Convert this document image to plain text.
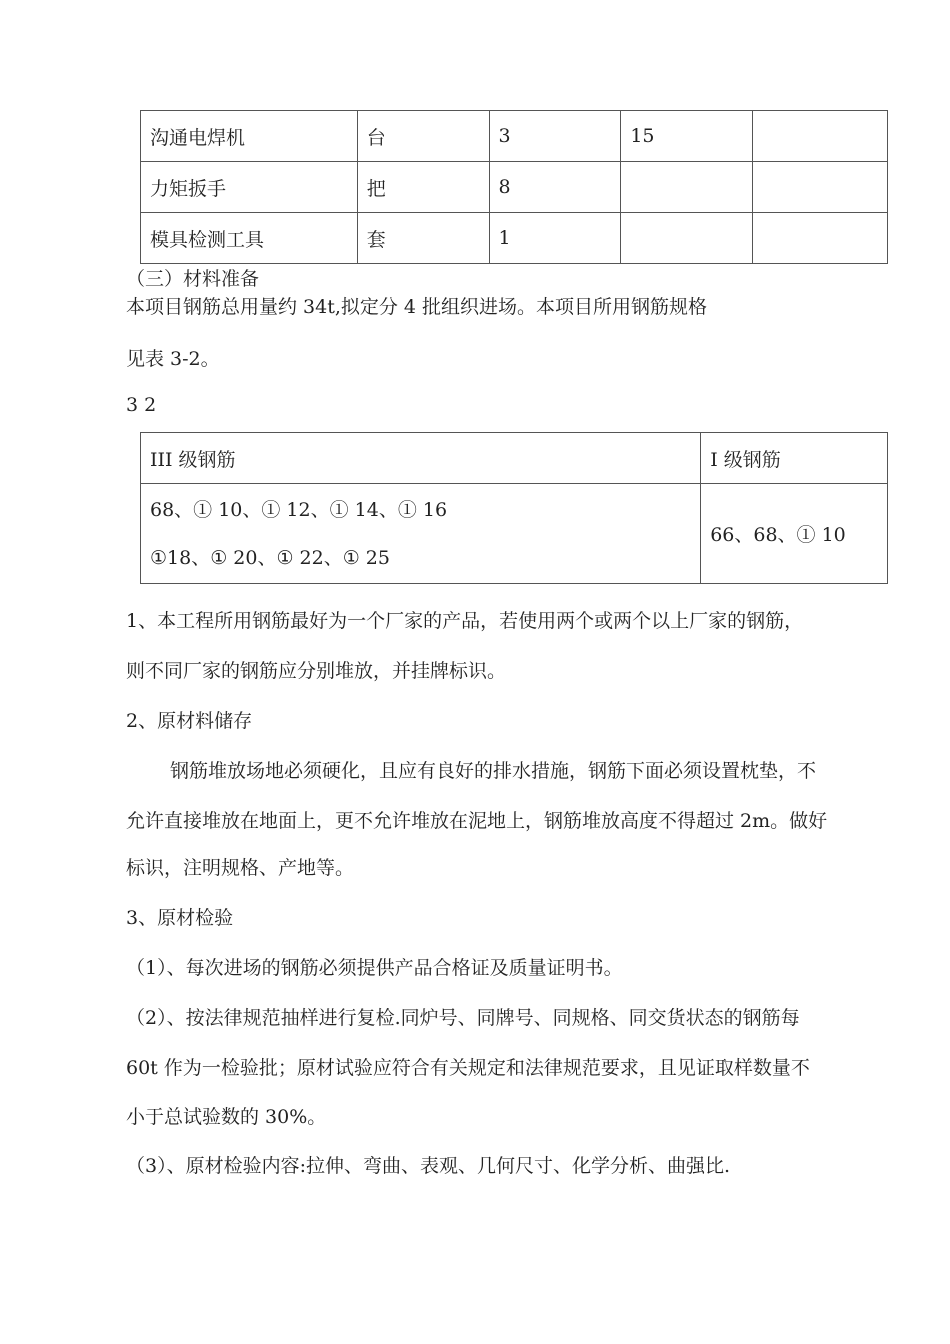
沟通电焊机	台	3	15	
力矩扳手	把	8		
模具检测工具	套	1		

（三）材料准备

本项目钢筋总用量约 34t,拟定分 4 批组织进场。本项目所用钢筋规格

见表 3-2。

3 2

III 级钢筋	I 级钢筋

68、① 10、① 12、① 14、① 16
①18、① 20、① 22、① 25	66、68、① 10

1、本工程所用钢筋最好为一个厂家的产品，若使用两个或两个以上厂家的钢筋，

则不同厂家的钢筋应分别堆放，并挂牌标识。

2、原材料储存

钢筋堆放场地必须硬化，且应有良好的排水措施，钢筋下面必须设置枕垫，不

允许直接堆放在地面上，更不允许堆放在泥地上，钢筋堆放高度不得超过 2m。做好

标识，注明规格、产地等。

3、原材检验

（1）、每次进场的钢筋必须提供产品合格证及质量证明书。

（2）、按法律规范抽样进行复检.同炉号、同牌号、同规格、同交货状态的钢筋每

60t 作为一检验批；原材试验应符合有关规定和法律规范要求，且见证取样数量不

小于总试验数的 30%。

（3）、原材检验内容:拉伸、弯曲、表观、几何尺寸、化学分析、曲强比.
